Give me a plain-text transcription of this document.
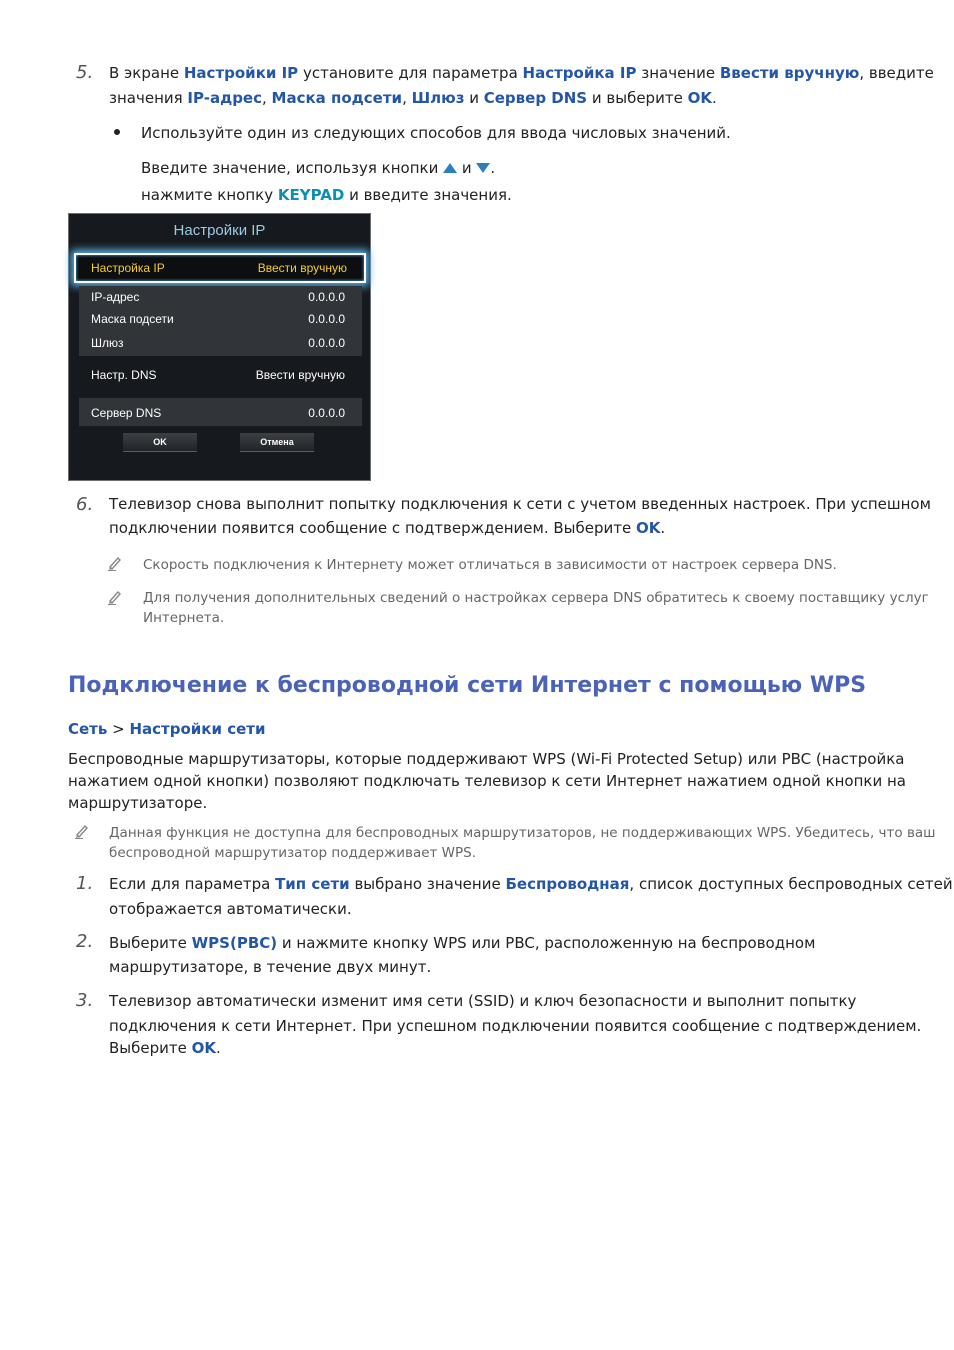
5. В экране Настройки IP установите для параметра Настройка IP значение Ввести вручную, введите
значения IP-адрес, Маска подсети, Шлюз и Сервер DNS и выберите OK.
Используйте один из следующих способов для ввода числовых значений.
Введите значение, используя кнопки  и .
нажмите кнопку KEYPAD и введите значения.
Настройки IP
Настройка IP	Ввести вручную
IP-адрес	0.0.0.0
Маска подсети	0.0.0.0
Шлюз	0.0.0.0
Настр. DNS	Ввести вручную
Сервер DNS	0.0.0.0
OK	Отмена
6. Телевизор снова выполнит попытку подключения к сети с учетом введенных настроек. При успешном
подключении появится сообщение с подтверждением. Выберите OK.
Скорость подключения к Интернету может отличаться в зависимости от настроек сервера DNS.
Для получения дополнительных сведений о настройках сервера DNS обратитесь к своему поставщику услуг
Интернета.
Подключение к беспроводной сети Интернет с помощью WPS
Сеть > Настройки сети
Беспроводные маршрутизаторы, которые поддерживают WPS (Wi-Fi Protected Setup) или PBC (настройка
нажатием одной кнопки) позволяют подключать телевизор к сети Интернет нажатием одной кнопки на
маршрутизаторе.
Данная функция не доступна для беспроводных маршрутизаторов, не поддерживающих WPS. Убедитесь, что ваш
беспроводной маршрутизатор поддерживает WPS.
1. Если для параметра Тип сети выбрано значение Беспроводная, список доступных беспроводных сетей
отображается автоматически.
2. Выберите WPS(PBC) и нажмите кнопку WPS или PBC, расположенную на беспроводном
маршрутизаторе, в течение двух минут.
3. Телевизор автоматически изменит имя сети (SSID) и ключ безопасности и выполнит попытку
подключения к сети Интернет. При успешном подключении появится сообщение с подтверждением.
Выберите OK.
